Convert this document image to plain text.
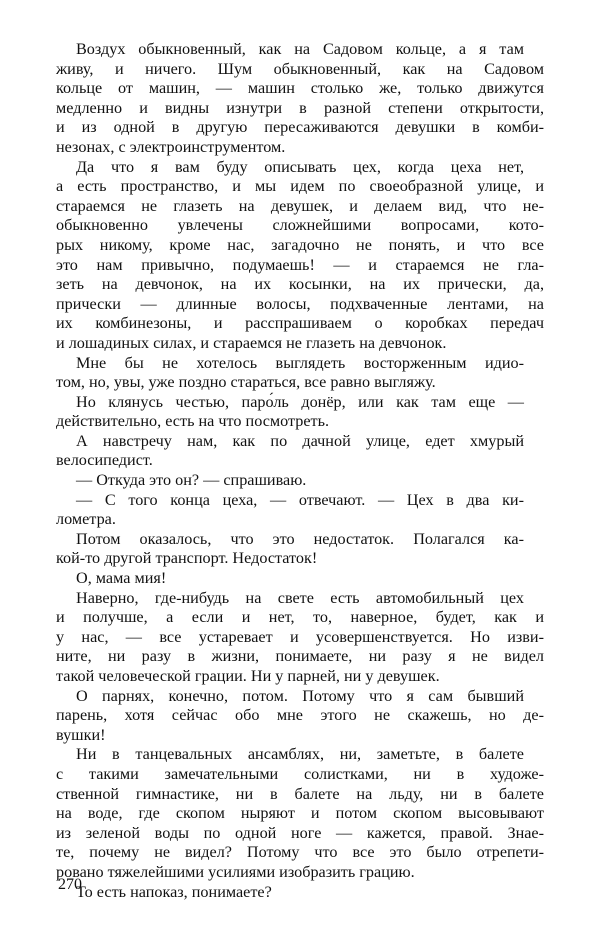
Воздух обыкновенный, как на Садовом кольце, а я там
живу, и ничего. Шум обыкновенный, как на Садовом
кольце от машин, — машин столько же, только движутся
медленно и видны изнутри в разной степени открытости,
и из одной в другую пересаживаются девушки в комби-
незонах, с электроинструментом.
Да что я вам буду описывать цех, когда цеха нет,
а есть пространство, и мы идем по своеобразной улице, и
стараемся не глазеть на девушек, и делаем вид, что не-
обыкновенно увлечены сложнейшими вопросами, кото-
рых никому, кроме нас, загадочно не понять, и что все
это нам привычно, подумаешь! — и стараемся не гла-
зеть на девчонок, на их косынки, на их прически, да,
прически — длинные волосы, подхваченные лентами, на
их комбинезоны, и расспрашиваем о коробках передач
и лошадиных силах, и стараемся не глазеть на девчонок.
Мне бы не хотелось выглядеть восторженным идио-
том, но, увы, уже поздно стараться, все равно выгляжу.
Но клянусь честью, паро́ль донёр, или как там еще —
действительно, есть на что посмотреть.
А навстречу нам, как по дачной улице, едет хмурый
велосипедист.
— Откуда это он? — спрашиваю.
— С того конца цеха, — отвечают. — Цех в два ки-
лометра.
Потом оказалось, что это недостаток. Полагался ка-
кой-то другой транспорт. Недостаток!
О, мама мия!
Наверно, где-нибудь на свете есть автомобильный цех
и получше, а если и нет, то, наверное, будет, как и
у нас, — все устаревает и усовершенствуется. Но изви-
ните, ни разу в жизни, понимаете, ни разу я не видел
такой человеческой грации. Ни у парней, ни у девушек.
О парнях, конечно, потом. Потому что я сам бывший
парень, хотя сейчас обо мне этого не скажешь, но де-
вушки!
Ни в танцевальных ансамблях, ни, заметьте, в балете
с такими замечательными солистками, ни в художе-
ственной гимнастике, ни в балете на льду, ни в балете
на воде, где скопом ныряют и потом скопом высовывают
из зеленой воды по одной ноге — кажется, правой. Знае-
те, почему не видел? Потому что все это было отрепети-
ровано тяжелейшими усилиями изобразить грацию.
То есть напоказ, понимаете?
270
